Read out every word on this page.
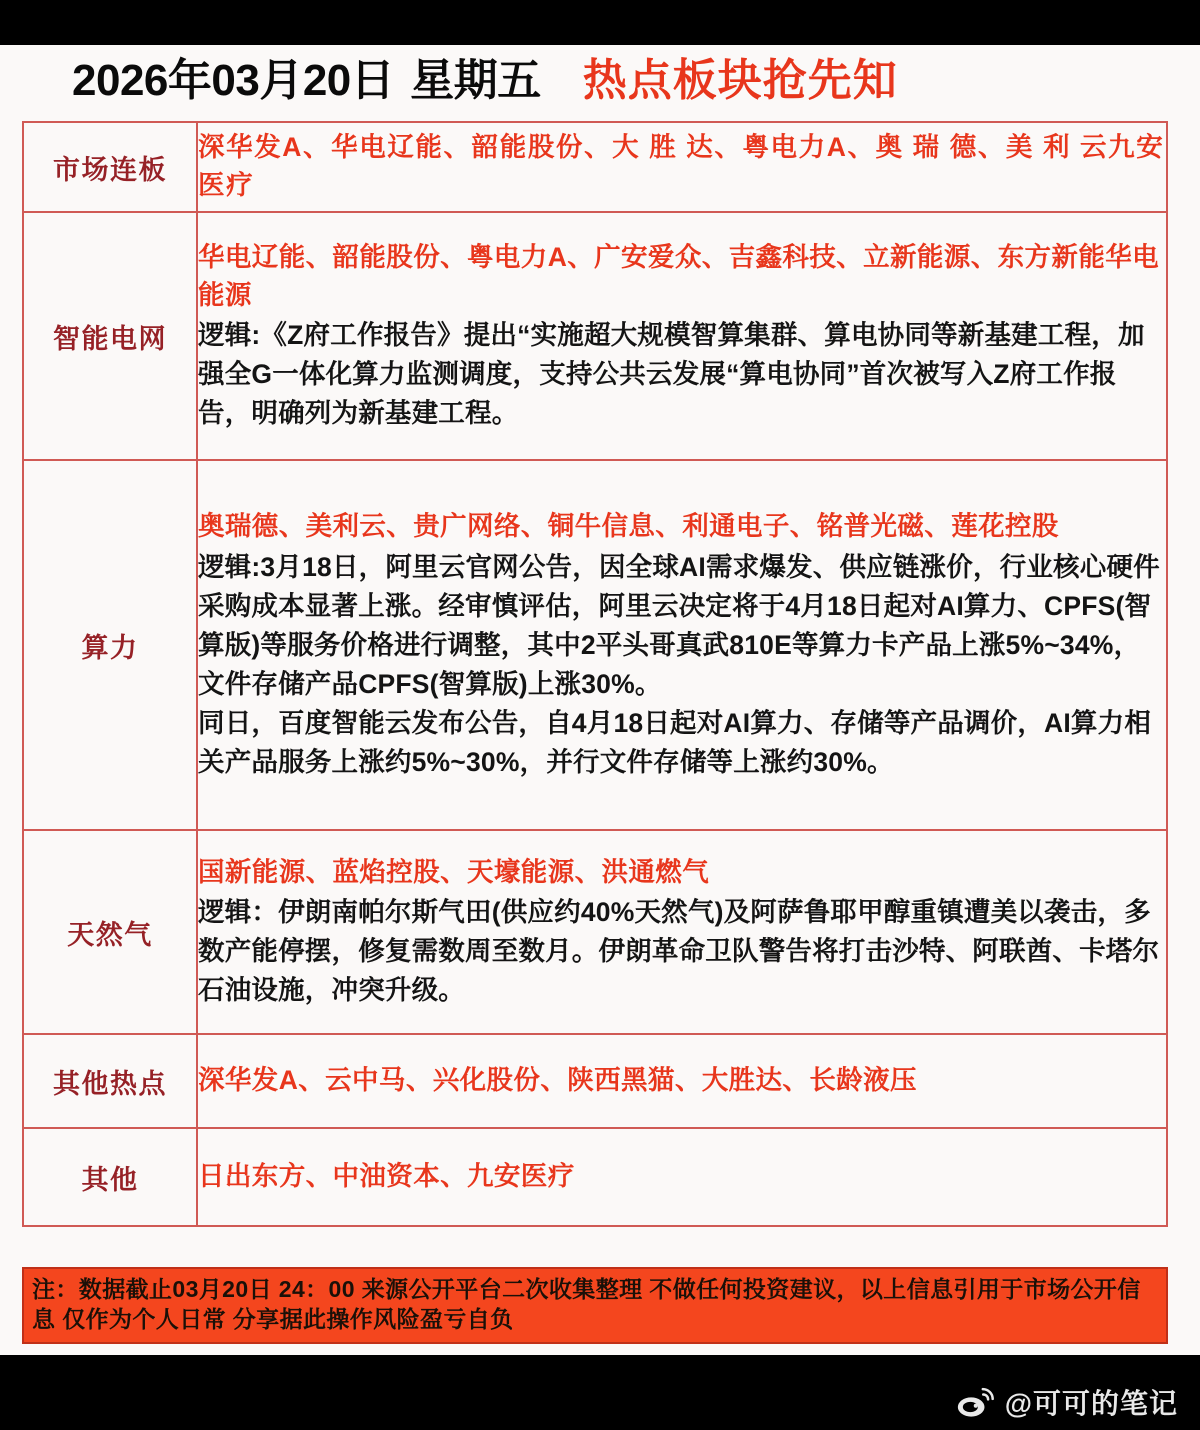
2026年03月20日 星期五 热点板块抢先知
市场连板	深华发A、华电辽能、韶能股份、大 胜 达、粤电力A、奥 瑞 德、美 利 云九安医疗

智能电网	华电辽能、韶能股份、粤电力A、广安爱众、吉鑫科技、立新能源、东方新能华电能源
逻辑:《Z府工作报告》提出“实施超大规模智算集群、算电协同等新基建工程，加强全G一体化算力监测调度，支持公共云发展“算电协同”首次被写入Z府工作报告，明确列为新基建工程。

算力	奥瑞德、美利云、贵广网络、铜牛信息、利通电子、铭普光磁、莲花控股
逻辑:3月18日，阿里云官网公告，因全球AI需求爆发、供应链涨价，行业核心硬件采购成本显著上涨。经审慎评估，阿里云决定将于4月18日起对AI算力、CPFS(智算版)等服务价格进行调整，其中2平头哥真武810E等算力卡产品上涨5%~34%，文件存储产品CPFS(智算版)上涨30%。
同日，百度智能云发布公告，自4月18日起对AI算力、存储等产品调价，AI算力相关产品服务上涨约5%~30%，并行文件存储等上涨约30%。

天然气	国新能源、蓝焰控股、天壕能源、洪通燃气
逻辑：伊朗南帕尔斯气田(供应约40%天然气)及阿萨鲁耶甲醇重镇遭美以袭击，多数产能停摆，修复需数周至数月。伊朗革命卫队警告将打击沙特、阿联酋、卡塔尔石油设施，冲突升级。

其他热点	深华发A、云中马、兴化股份、陕西黑猫、大胜达、长龄液压

其他	日出东方、中油资本、九安医疗
注：数据截止03月20日 24：00 来源公开平台二次收集整理 不做任何投资建议，以上信息引用于市场公开信息 仅作为个人日常 分享据此操作风险盈亏自负
@可可的笔记
